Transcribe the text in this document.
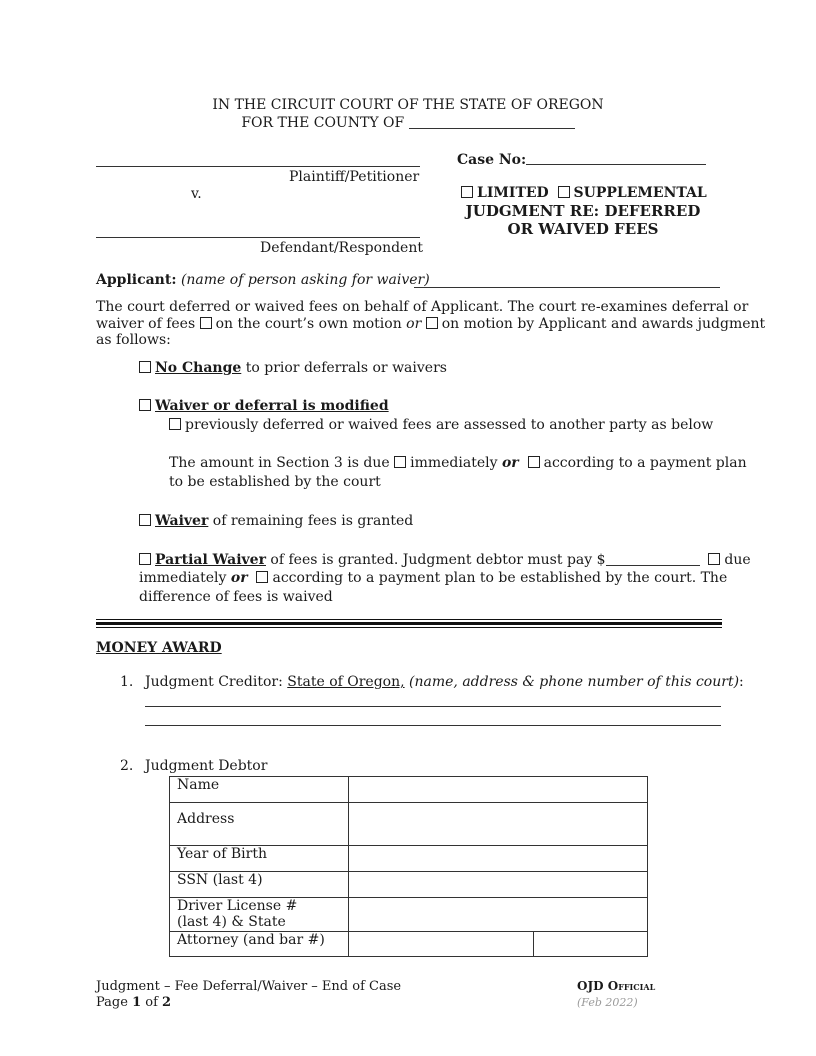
IN THE CIRCUIT COURT OF THE STATE OF OREGON
FOR THE COUNTY OF
Plaintiff/Petitioner
v.
Defendant/Respondent
Case No:
LIMITED SUPPLEMENTAL
JUDGMENT RE: DEFERRED
OR WAIVED FEES
Applicant: (name of person asking for waiver)
The court deferred or waived fees on behalf of Applicant. The court re-examines deferral or
waiver of fees on the court’s own motion or on motion by Applicant and awards judgment
as follows:
No Change to prior deferrals or waivers
Waiver or deferral is modified
previously deferred or waived fees are assessed to another party as below
The amount in Section 3 is due immediately or according to a payment plan
to be established by the court
Waiver of remaining fees is granted
Partial Waiver of fees is granted. Judgment debtor must pay $	due
immediately or according to a payment plan to be established by the court. The
difference of fees is waived
MONEY AWARD
1. Judgment Creditor: State of Oregon, (name, address & phone number of this court):
2. Judgment Debtor
Name		
Address		
Year of Birth		
SSN (last 4)		

Driver License #
(last 4) & State		

Attorney (and bar #)		
Judgment – Fee Deferral/Waiver – End of Case
Page 1 of 2
OJD Official
(Feb 2022)
